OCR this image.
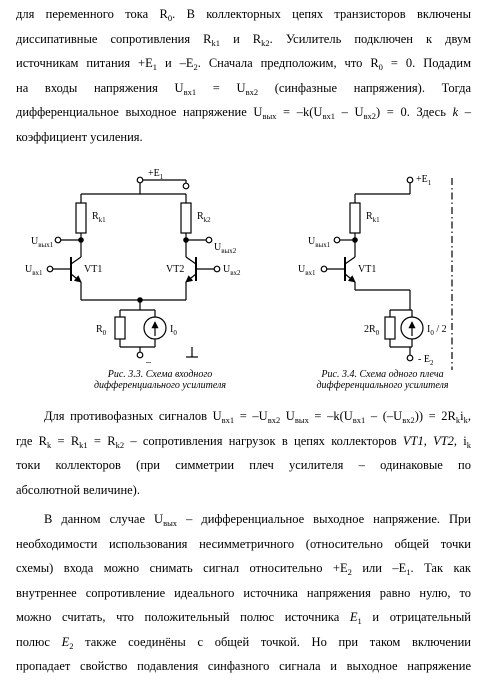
для переменного тока $R_0$. В коллекторных цепях транзисторов включены
диссипативные сопротивления $R_{k1}$ и $R_{k2}$. Усилитель подключен к двум
источникам питания $+E_1$ и $-E_2$. Сначала предположим, что $R_0 = 0$. Подадим
на входы напряжения $U_{вх1} = U_{вх2}$ (синфазные напряжения). Тогда
дифференциальное выходное напряжение $U_{вых} = -k(U_{вх1} - U_{вх2}) = 0$. Здесь k –
коэффициент усиления.
$+E_1$
$R_{k1}$	$R_{k2}$
$U_{вых1}$	$U_{вых2}$
$U_{вх1}$	$U_{вх2}$
VT1	VT2
$R_0$	$I_0$
–
$+E_1$
$R_{k1}$
$U_{вых1}$
$U_{вх1}$	VT1
$2R_0$	$I_0 / 2$
- $E_2$
Рис. 3.3. Схема входного
дифференциального усилителя
Рис. 3.4. Схема одного плеча
дифференциального усилителя
Для противофазных сигналов $U_{вх1} = -U_{вх2}$ $U_{вых} = -k(U_{вх1} - (-U_{вх2})) = 2R_ki_k$,
где $R_k = R_{k1} = R_{k2}$ – сопротивления нагрузок в цепях коллекторов VT1, VT2, $i_k$
токи коллекторов (при симметрии плеч усилителя – одинаковые по
абсолютной величине).
В данном случае $U_{вых}$ – дифференциальное выходное напряжение. При
необходимости использования несимметричного (относительно общей точки
схемы) входа можно снимать сигнал относительно $+E_2$ или $-E_1$. Так как
внутреннее сопротивление идеального источника напряжения равно нулю, то
можно считать, что положительный полюс источника $E_1$ и отрицательный
полюс $E_2$ также соединёны с общей точкой. Но при таком включении
пропадает свойство подавления синфазного сигнала и выходное напряжение
